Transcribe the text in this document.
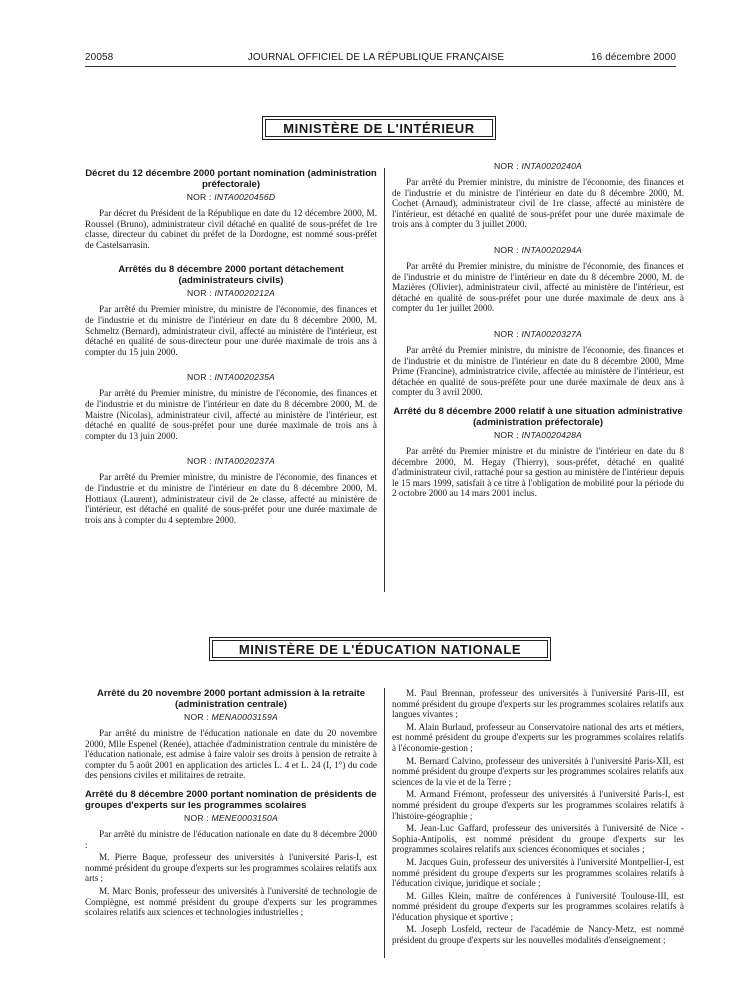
20058	JOURNAL OFFICIEL DE LA RÉPUBLIQUE FRANÇAISE	16 décembre 2000
MINISTÈRE DE L'INTÉRIEUR
Décret du 12 décembre 2000 portant nomination (administration préfectorale)
NOR : INTA0020456D

Par décret du Président de la République en date du 12 décembre 2000, M. Roussel (Bruno), administrateur civil détaché en qualité de sous-préfet de 1re classe, directeur du cabinet du préfet de la Dordogne, est nommé sous-préfet de Castelsarrasin.

Arrêtés du 8 décembre 2000 portant détachement (administrateurs civils)
NOR : INTA0020212A

Par arrêté du Premier ministre, du ministre de l'économie, des finances et de l'industrie et du ministre de l'intérieur en date du 8 décembre 2000, M. Schmeltz (Bernard), administrateur civil, affecté au ministère de l'intérieur, est détaché en qualité de sous-directeur pour une durée maximale de trois ans à compter du 15 juin 2000.

NOR : INTA0020235A

Par arrêté du Premier ministre, du ministre de l'économie, des finances et de l'industrie et du ministre de l'intérieur en date du 8 décembre 2000, M. de Maistre (Nicolas), administrateur civil, affecté au ministère de l'intérieur, est détaché en qualité de sous-préfet pour une durée maximale de trois ans à compter du 13 juin 2000.

NOR : INTA0020237A

Par arrêté du Premier ministre, du ministre de l'économie, des finances et de l'industrie et du ministre de l'intérieur en date du 8 décembre 2000, M. Hottiaux (Laurent), administrateur civil de 2e classe, affecté au ministère de l'intérieur, est détaché en qualité de sous-préfet pour une durée maximale de trois ans à compter du 4 septembre 2000.

NOR : INTA0020240A

Par arrêté du Premier ministre, du ministre de l'économie, des finances et de l'industrie et du ministre de l'intérieur en date du 8 décembre 2000, M. Cochet (Arnaud), administrateur civil de 1re classe, affecté au ministère de l'intérieur, est détaché en qualité de sous-préfet pour une durée maximale de trois ans à compter du 3 juillet 2000.

NOR : INTA0020294A

Par arrêté du Premier ministre, du ministre de l'économie, des finances et de l'industrie et du ministre de l'intérieur en date du 8 décembre 2000, M. de Mazières (Olivier), administrateur civil, affecté au ministère de l'intérieur, est détaché en qualité de sous-préfet pour une durée maximale de deux ans à compter du 1er juillet 2000.

NOR : INTA0020327A

Par arrêté du Premier ministre, du ministre de l'économie, des finances et de l'industrie et du ministre de l'intérieur en date du 8 décembre 2000, Mme Prime (Francine), administratrice civile, affectée au ministère de l'intérieur, est détachée en qualité de sous-préfète pour une durée maximale de deux ans à compter du 3 avril 2000.

Arrêté du 8 décembre 2000 relatif à une situation administrative (administration préfectorale)
NOR : INTA0020428A

Par arrêté du Premier ministre et du ministre de l'intérieur en date du 8 décembre 2000, M. Hegay (Thierry), sous-préfet, détaché en qualité d'administrateur civil, rattaché pour sa gestion au ministère de l'intérieur depuis le 15 mars 1999, satisfait à ce titre à l'obligation de mobilité pour la période du 2 octobre 2000 au 14 mars 2001 inclus.

MINISTÈRE DE L'ÉDUCATION NATIONALE
Arrêté du 20 novembre 2000 portant admission à la retraite (administration centrale)
NOR : MENA0003159A

Par arrêté du ministre de l'éducation nationale en date du 20 novembre 2000, Mlle Espenel (Renée), attachée d'administration centrale du ministère de l'éducation nationale, est admise à faire valoir ses droits à pension de retraite à compter du 5 août 2001 en application des articles L. 4 et L. 24 (I, 1°) du code des pensions civiles et militaires de retraite.

Arrêté du 8 décembre 2000 portant nomination de présidents de groupes d'experts sur les programmes scolaires
NOR : MENE0003150A

Par arrêté du ministre de l'éducation nationale en date du 8 décembre 2000 :

M. Pierre Baque, professeur des universités à l'université Paris-I, est nommé président du groupe d'experts sur les programmes scolaires relatifs aux arts ;

M. Marc Bonis, professeur des universités à l'université de technologie de Compiègne, est nommé président du groupe d'experts sur les programmes scolaires relatifs aux sciences et technologies industrielles ;

M. Paul Brennan, professeur des universités à l'université Paris-III, est nommé président du groupe d'experts sur les programmes scolaires relatifs aux langues vivantes ;

M. Alain Burlaud, professeur au Conservatoire national des arts et métiers, est nommé président du groupe d'experts sur les programmes scolaires relatifs à l'économie-gestion ;

M. Bernard Calvino, professeur des universités à l'université Paris-XII, est nommé président du groupe d'experts sur les programmes scolaires relatifs aux sciences de la vie et de la Terre ;

M. Armand Frémont, professeur des universités à l'université Paris-I, est nommé président du groupe d'experts sur les programmes scolaires relatifs à l'histoire-géographie ;

M. Jean-Luc Gaffard, professeur des universités à l'université de Nice - Sophia-Antipolis, est nommé président du groupe d'experts sur les programmes scolaires relatifs aux sciences économiques et sociales ;

M. Jacques Guin, professeur des universités à l'université Montpellier-I, est nommé président du groupe d'experts sur les programmes scolaires relatifs à l'éducation civique, juridique et sociale ;

M. Gilles Klein, maître de conférences à l'université Toulouse-III, est nommé président du groupe d'experts sur les programmes scolaires relatifs à l'éducation physique et sportive ;

M. Joseph Losfeld, recteur de l'académie de Nancy-Metz, est nommé président du groupe d'experts sur les nouvelles modalités d'enseignement ;
